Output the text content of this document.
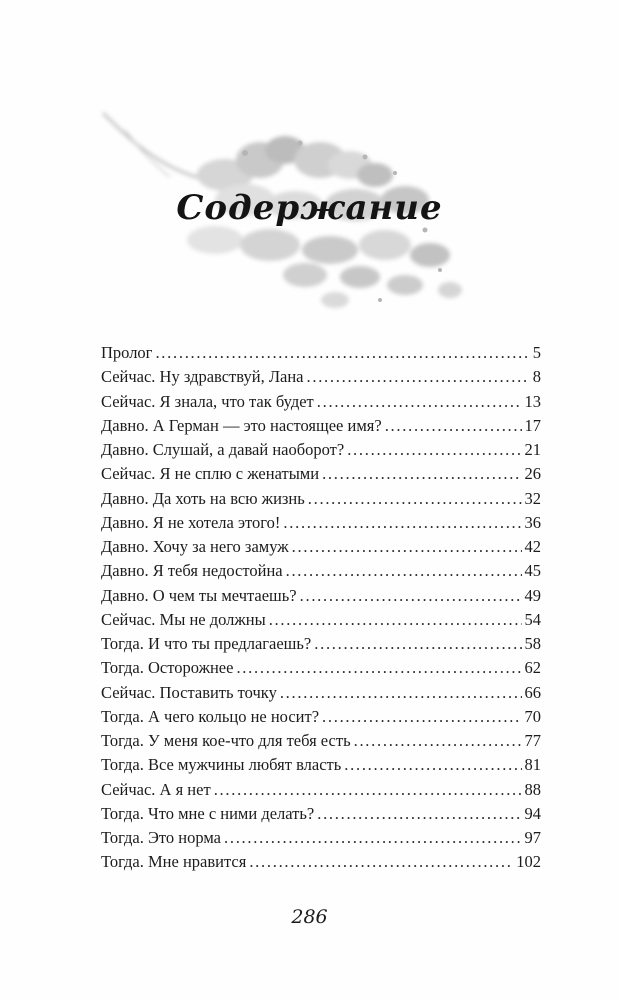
Содержание
Пролог . . .	5
Сейчас. Ну здравствуй, Лана . . .	8
Сейчас. Я знала, что так будет . . .	13
Давно. А Герман — это настоящее имя? . . .	17
Давно. Слушай, а давай наоборот? . . .	21
Сейчас. Я не сплю с женатыми . . .	26
Давно. Да хоть на всю жизнь . . .	32
Давно. Я не хотела этого! . . .	36
Давно. Хочу за него замуж . . .	42
Давно. Я тебя недостойна . . .	45
Давно. О чем ты мечтаешь? . . .	49
Сейчас. Мы не должны . . .	54
Тогда. И что ты предлагаешь? . . .	58
Тогда. Осторожнее . . .	62
Сейчас. Поставить точку . . .	66
Тогда. А чего кольцо не носит? . . .	70
Тогда. У меня кое-что для тебя есть . . .	77
Тогда. Все мужчины любят власть . . .	81
Сейчас. А я нет . . .	88
Тогда. Что мне с ними делать? . . .	94
Тогда. Это норма . . .	97
Тогда. Мне нравится . . .	102
286
